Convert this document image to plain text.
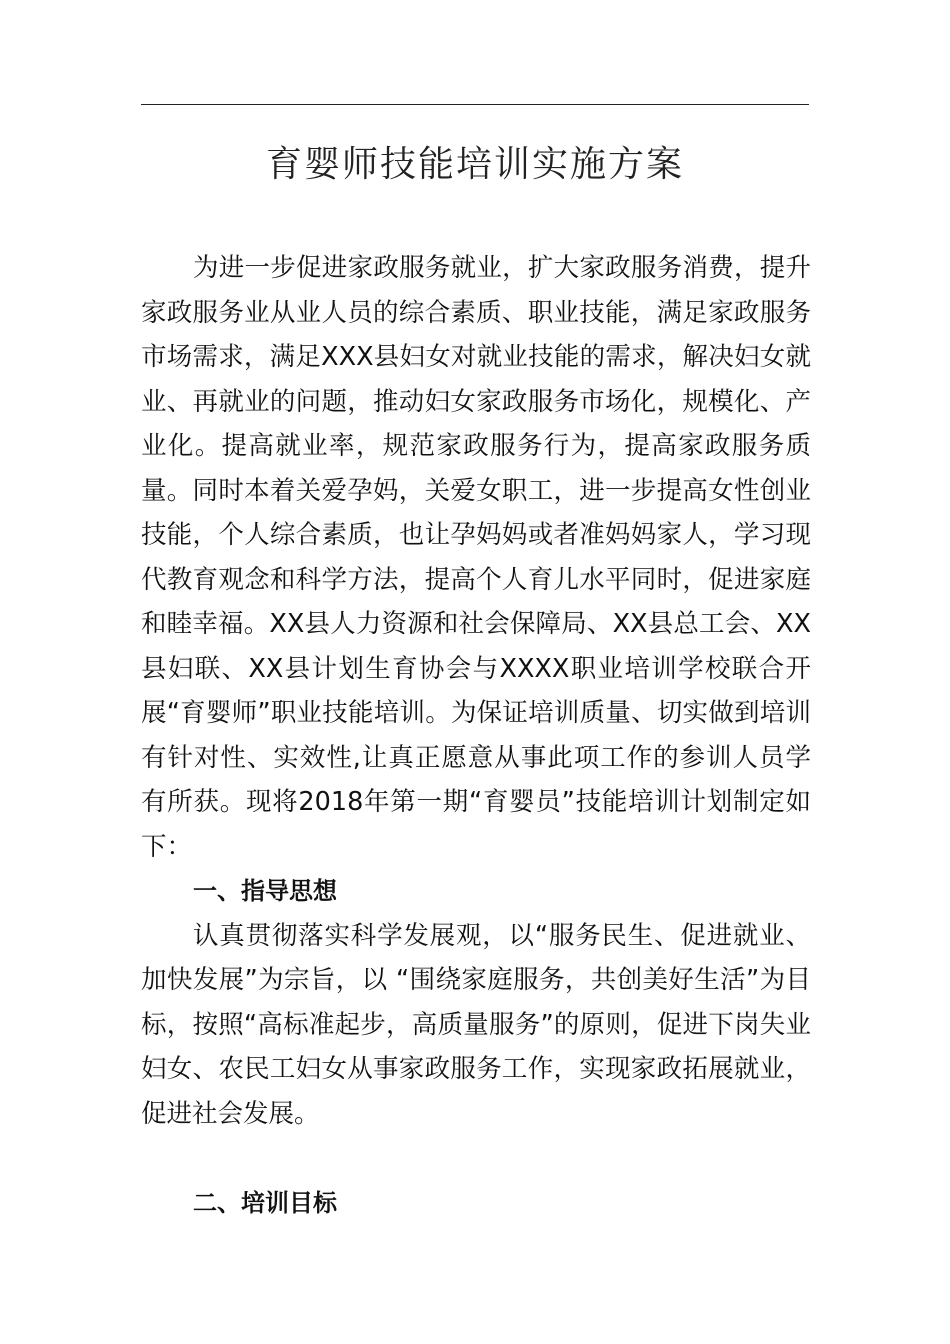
育婴师技能培训实施方案

为进一步促进家政服务就业，扩大家政服务消费，提升家政服务业从业人员的综合素质、职业技能，满足家政服务市场需求，满足XXX县妇女对就业技能的需求，解决妇女就业、再就业的问题，推动妇女家政服务市场化，规模化、产业化。提高就业率，规范家政服务行为，提高家政服务质量。同时本着关爱孕妈，关爱女职工，进一步提高女性创业技能，个人综合素质，也让孕妈妈或者准妈妈家人，学习现代教育观念和科学方法，提高个人育儿水平同时，促进家庭和睦幸福。XX县人力资源和社会保障局、XX县总工会、XX县妇联、XX县计划生育协会与XXXX职业培训学校联合开展“育婴师”职业技能培训。为保证培训质量、切实做到培训有针对性、实效性,让真正愿意从事此项工作的参训人员学有所获。现将2018年第一期“育婴员”技能培训计划制定如下：

一、指导思想

认真贯彻落实科学发展观，以“服务民生、促进就业、加快发展”为宗旨，以 “围绕家庭服务，共创美好生活”为目标，按照“高标准起步，高质量服务”的原则，促进下岗失业妇女、农民工妇女从事家政服务工作，实现家政拓展就业，促进社会发展。

二、培训目标
